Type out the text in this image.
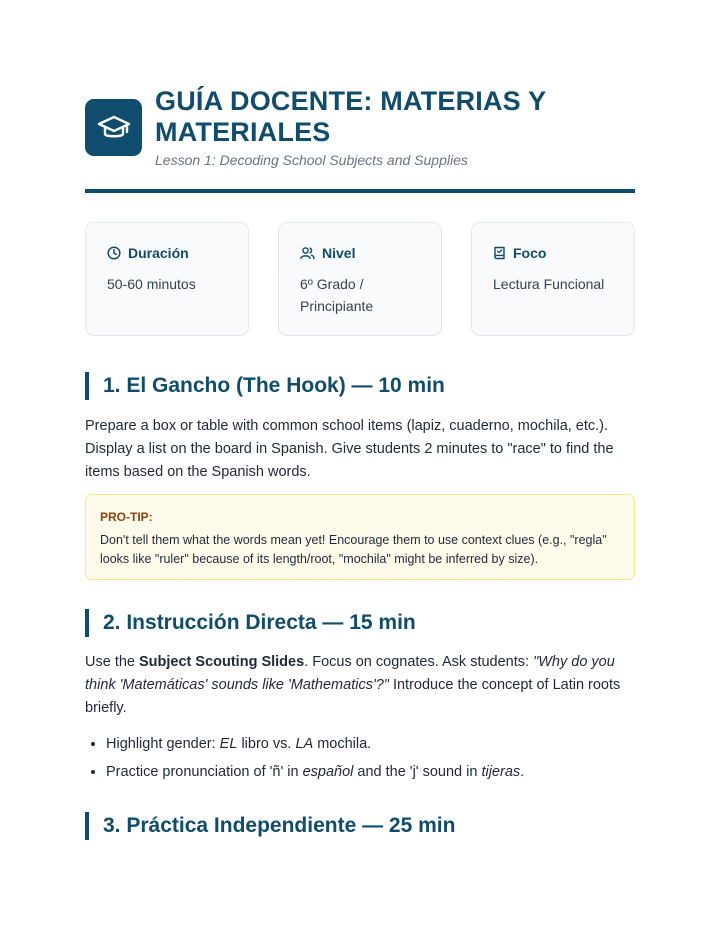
GUÍA DOCENTE: MATERIAS Y MATERIALES
Lesson 1: Decoding School Subjects and Supplies
Duración
50-60 minutos
Nivel
6º Grado / Principiante
Foco
Lectura Funcional
1. El Gancho (The Hook) — 10 min
Prepare a box or table with common school items (lapiz, cuaderno, mochila, etc.). Display a list on the board in Spanish. Give students 2 minutes to "race" to find the items based on the Spanish words.
PRO-TIP:
Don't tell them what the words mean yet! Encourage them to use context clues (e.g., "regla" looks like "ruler" because of its length/root, "mochila" might be inferred by size).
2. Instrucción Directa — 15 min
Use the Subject Scouting Slides. Focus on cognates. Ask students: "Why do you think 'Matemáticas' sounds like 'Mathematics'?" Introduce the concept of Latin roots briefly.
• Highlight gender: EL libro vs. LA mochila.
• Practice pronunciation of 'ñ' in español and the 'j' sound in tijeras.
3. Práctica Independiente — 25 min
